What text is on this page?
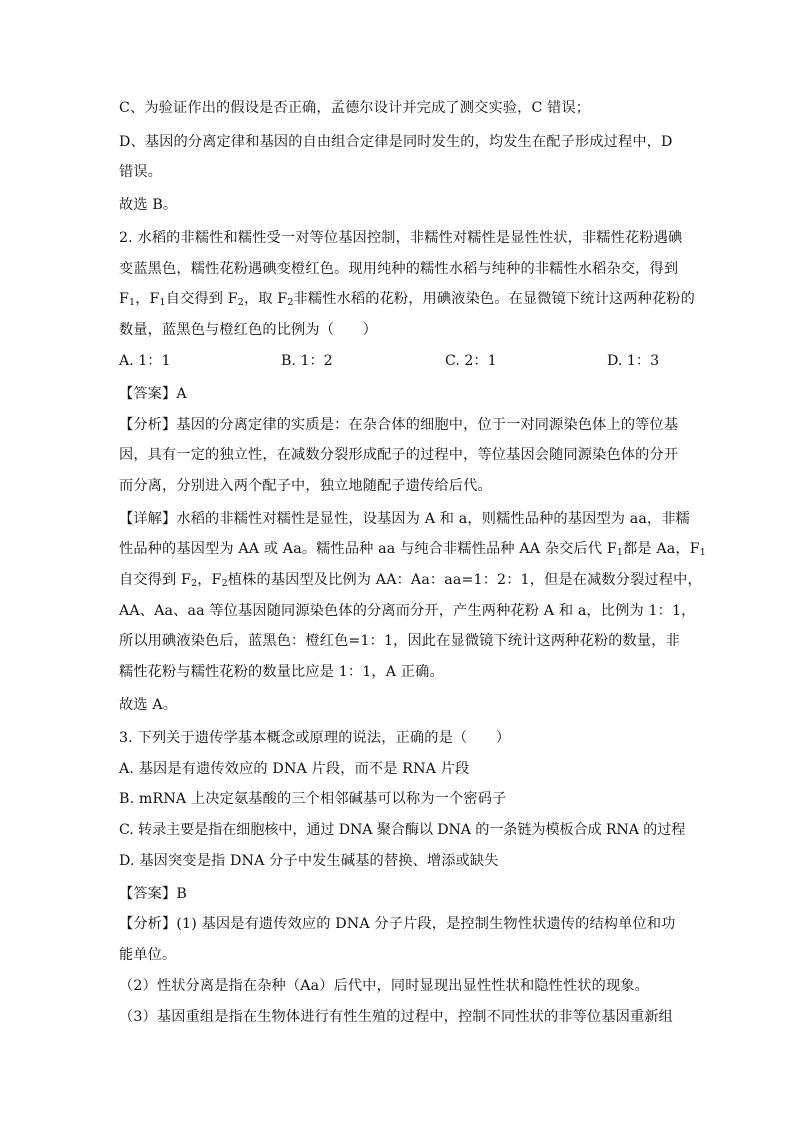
C、为验证作出的假设是否正确，孟德尔设计并完成了测交实验，C 错误；
D、基因的分离定律和基因的自由组合定律是同时发生的，均发生在配子形成过程中，D
错误。
故选 B。
2. 水稻的非糯性和糯性受一对等位基因控制，非糯性对糯性是显性性状，非糯性花粉遇碘
变蓝黑色，糯性花粉遇碘变橙红色。现用纯种的糯性水稻与纯种的非糯性水稻杂交，得到
$F_1$，$F_1$自交得到 $F_2$，取 $F_2$非糯性水稻的花粉，用碘液染色。在显微镜下统计这两种花粉的
数量，蓝黑色与橙红色的比例为（　　）
A. 1：1	B. 1：2	C. 2：1	D. 1：3
【答案】A
【分析】基因的分离定律的实质是：在杂合体的细胞中，位于一对同源染色体上的等位基
因，具有一定的独立性，在减数分裂形成配子的过程中，等位基因会随同源染色体的分开
而分离，分别进入两个配子中，独立地随配子遗传给后代。
【详解】水稻的非糯性对糯性是显性，设基因为 A 和 a，则糯性品种的基因型为 aa，非糯
性品种的基因型为 AA 或 Aa。糯性品种 aa 与纯合非糯性品种 AA 杂交后代 $F_1$都是 Aa，$F_1$
自交得到 $F_2$，$F_2$植株的基因型及比例为 AA：Aa：aa=1：2：1，但是在减数分裂过程中，
AA、Aa、aa 等位基因随同源染色体的分离而分开，产生两种花粉 A 和 a，比例为 1：1，
所以用碘液染色后，蓝黑色：橙红色=1：1，因此在显微镜下统计这两种花粉的数量，非
糯性花粉与糯性花粉的数量比应是 1：1，A 正确。
故选 A。
3. 下列关于遗传学基本概念或原理的说法，正确的是（　　）
A. 基因是有遗传效应的 DNA 片段，而不是 RNA 片段
B. mRNA 上决定氨基酸的三个相邻碱基可以称为一个密码子
C. 转录主要是指在细胞核中，通过 DNA 聚合酶以 DNA 的一条链为模板合成 RNA 的过程
D. 基因突变是指 DNA 分子中发生碱基的替换、增添或缺失
【答案】B
【分析】(1) 基因是有遗传效应的 DNA 分子片段，是控制生物性状遗传的结构单位和功
能单位。
（2）性状分离是指在杂种（Aa）后代中，同时显现出显性性状和隐性性状的现象。
（3）基因重组是指在生物体进行有性生殖的过程中，控制不同性状的非等位基因重新组
